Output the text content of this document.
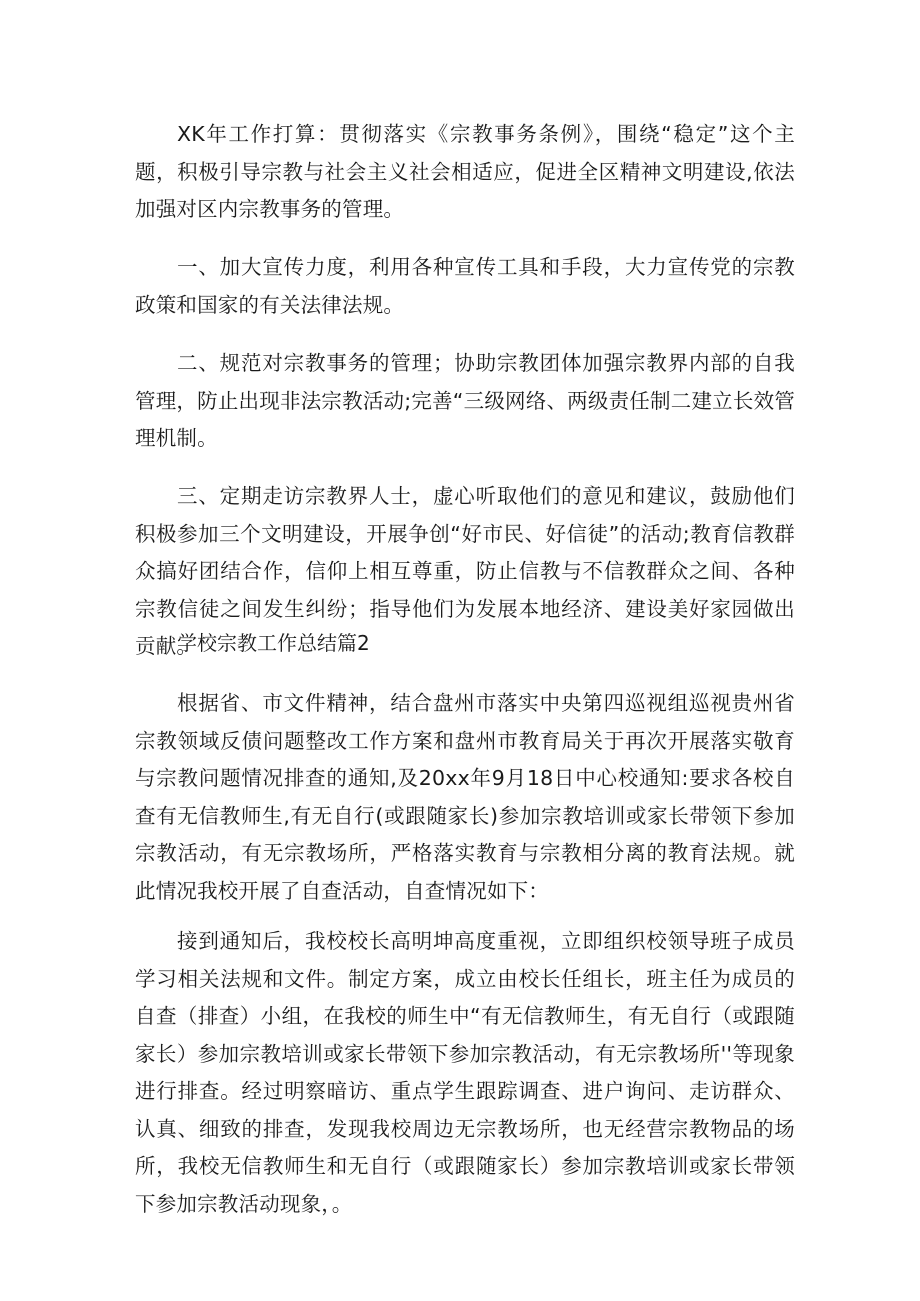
XK年工作打算：贯彻落实《宗教事务条例》，围绕“稳定”这个主题，积极引导宗教与社会主义社会相适应，促进全区精神文明建设,依法加强对区内宗教事务的管理。

一、加大宣传力度，利用各种宣传工具和手段，大力宣传党的宗教政策和国家的有关法律法规。

二、规范对宗教事务的管理；协助宗教团体加强宗教界内部的自我管理，防止出现非法宗教活动;完善“三级网络、两级责任制二建立长效管理机制。

三、定期走访宗教界人士，虚心听取他们的意见和建议，鼓励他们积极参加三个文明建设，开展争创“好市民、好信徒”的活动;教育信教群众搞好团结合作，信仰上相互尊重，防止信教与不信教群众之间、各种宗教信徒之间发生纠纷；指导他们为发展本地经济、建设美好家园做出贡献。

学校宗教工作总结篇2

根据省、市文件精神，结合盘州市落实中央第四巡视组巡视贵州省宗教领域反债问题整改工作方案和盘州市教育局关于再次开展落实敬育与宗教问题情况排查的通知,及20xx年9月18日中心校通知:要求各校自查有无信教师生,有无自行(或跟随家长)参加宗教培训或家长带领下参加宗教活动，有无宗教场所，严格落实教育与宗教相分离的教育法规。就此情况我校开展了自查活动，自查情况如下：

接到通知后，我校校长高明坤高度重视，立即组织校领导班子成员学习相关法规和文件。制定方案，成立由校长任组长，班主任为成员的自查（排查）小组，在我校的师生中“有无信教师生，有无自行（或跟随家长）参加宗教培训或家长带领下参加宗教活动，有无宗教场所''等现象进行排查。经过明察暗访、重点学生跟踪调查、进户询问、走访群众、认真、细致的排查，发现我校周边无宗教场所，也无经营宗教物品的场所，我校无信教师生和无自行（或跟随家长）参加宗教培训或家长带领下参加宗教活动现象，。
